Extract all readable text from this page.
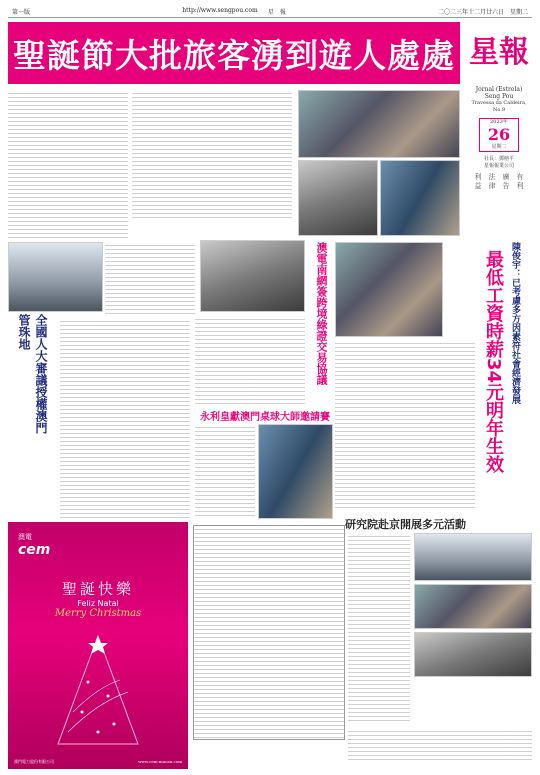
第一版	http://www.sengpou.com 星　報	二〇二三年十二月廿六日　星期二
聖誕節大批旅客湧到遊人處處 星報
Jornal (Estrela)
Seng Pou
Travessa da Caldeira, No.9
2023年
26
星期二
社長：鄧榕平
星報報業公司
利　法　廣　有
益　律　告　利
全國人大審議授權澳門管珠地	澳電南網簽跨境綠證交易協議	陳俊宇：已考慮多方因素符社會經濟發展
最低工資時薪34元明年生效
永利皇獻澳門桌球大師邀請賽
研究院赴京開展多元活動
澳電
cem
聖誕快樂
Feliz Natal
Merry Christmas
澳門電力股份有限公司	www.cem-macau.com
